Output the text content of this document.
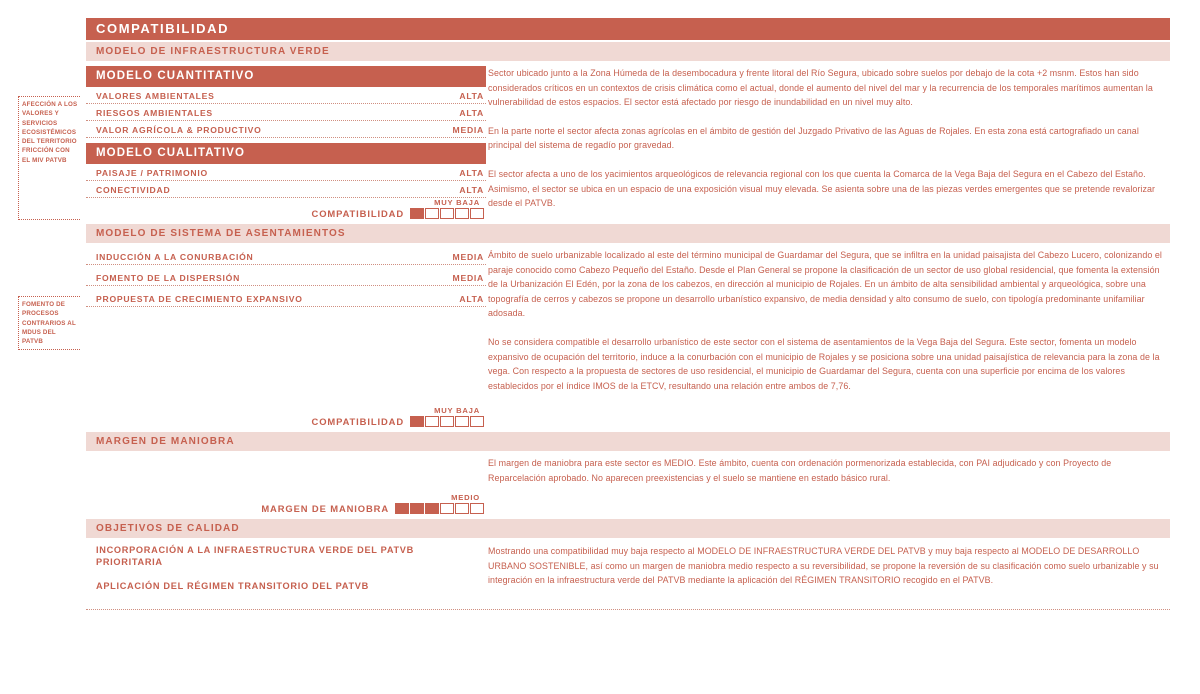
AFECCIÓN A LOS VALORES Y SERVICIOS ECOSISTÉMICOS DEL TERRITORIO FRICCIÓN CON EL MIV PATVB
FOMENTO DE PROCESOS CONTRARIOS AL MDUS DEL PATVB
COMPATIBILIDAD
MODELO DE INFRAESTRUCTURA VERDE
MODELO CUANTITATIVO
VALORES AMBIENTALES	ALTA
RIESGOS AMBIENTALES	ALTA
VALOR AGRÍCOLA & PRODUCTIVO	MEDIA
MODELO CUALITATIVO
PAISAJE / PATRIMONIO	ALTA
CONECTIVIDAD	ALTA
MUY BAJA
COMPATIBILIDAD

Sector ubicado junto a la Zona Húmeda de la desembocadura y frente litoral del Río Segura, ubicado sobre suelos por debajo de la cota +2 msnm. Estos han sido considerados críticos en un contextos de crisis climática como el actual, donde el aumento del nivel del mar y la recurrencia de los temporales marítimos aumentan la vulnerabilidad de estos espacios. El sector está afectado por riesgo de inundabilidad en un nivel muy alto.

En la parte norte el sector afecta zonas agrícolas en el ámbito de gestión del Juzgado Privativo de las Aguas de Rojales. En esta zona está cartografiado un canal principal del sistema de regadío por gravedad.

El sector afecta a uno de los yacimientos arqueológicos de relevancia regional con los que cuenta la Comarca de la Vega Baja del Segura en el Cabezo del Estaño. Asimismo, el sector se ubica en un espacio de una exposición visual muy elevada. Se asienta sobre una de las piezas verdes emergentes que se pretende revalorizar desde el PATVB.

MODELO DE SISTEMA DE ASENTAMIENTOS
INDUCCIÓN A LA CONURBACIÓN	MEDIA
FOMENTO DE LA DISPERSIÓN	MEDIA
PROPUESTA DE CRECIMIENTO EXPANSIVO	ALTA
MUY BAJA
COMPATIBILIDAD

Ámbito de suelo urbanizable localizado al este del término municipal de Guardamar del Segura, que se infiltra en la unidad paisajista del Cabezo Lucero, colonizando el paraje conocido como Cabezo Pequeño del Estaño. Desde el Plan General se propone la clasificación de un sector de uso global residencial, que fomenta la extensión de la Urbanización El Edén, por la zona de los cabezos, en dirección al municipio de Rojales. En un ámbito de alta sensibilidad ambiental y arqueológica, sobre una topografía de cerros y cabezos se propone un desarrollo urbanístico expansivo, de media densidad y alto consumo de suelo, con tipología predominante unifamiliar adosada.

No se considera compatible el desarrollo urbanístico de este sector con el sistema de asentamientos de la Vega Baja del Segura. Este sector, fomenta un modelo expansivo de ocupación del territorio, induce a la conurbación con el municipio de Rojales y se posiciona sobre una unidad paisajística de relevancia para la zona de la vega. Con respecto a la propuesta de sectores de uso residencial, el municipio de Guardamar del Segura, cuenta con una superficie por encima de los valores establecidos por el índice IMOS de la ETCV, resultando una relación entre ambos de 7,76.

MARGEN DE MANIOBRA
MEDIO
MARGEN DE MANIOBRA

El margen de maniobra para este sector es MEDIO. Este ámbito, cuenta con ordenación pormenorizada establecida, con PAI adjudicado y con Proyecto de Reparcelación aprobado. No aparecen preexistencias y el suelo se mantiene en estado básico rural.

OBJETIVOS DE CALIDAD
INCORPORACIÓN A LA INFRAESTRUCTURA VERDE DEL PATVB PRIORITARIA
APLICACIÓN DEL RÉGIMEN TRANSITORIO DEL PATVB

Mostrando una compatibilidad muy baja respecto al MODELO DE INFRAESTRUCTURA VERDE DEL PATVB y muy baja respecto al MODELO DE DESARROLLO URBANO SOSTENIBLE, así como un margen de maniobra medio respecto a su reversibilidad, se propone la reversión de su clasificación como suelo urbanizable y su integración en la infraestructura verde del PATVB mediante la aplicación del RÉGIMEN TRANSITORIO recogido en el PATVB.
